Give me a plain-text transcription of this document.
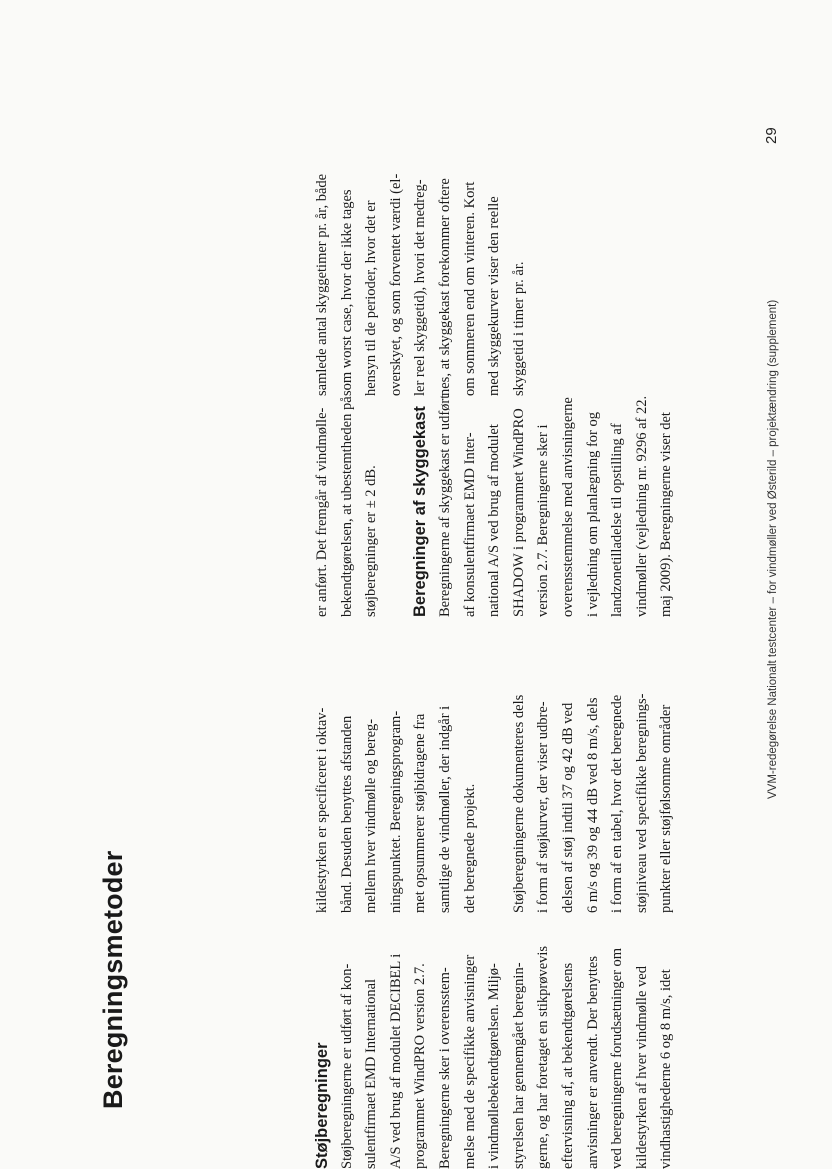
Beregningsmetoder	Støjberegninger Støjberegningerne er udført af kon- sulentfirmaet EMD International A/S ved brug af modulet DECIBEL i programmet WindPRO version 2.7. Beregningerne sker i overensstem- melse med de specifikke anvisninger i vindmøllebekendtgørelsen. Miljø- styrelsen har gennemgået beregnin- gerne, og har foretaget en stikprøvevis eftervisning af, at bekendtgørelsens anvisninger er anvendt. Der benyttes ved beregningerne forudsætninger om kildestyrken af hver vindmølle ved vindhastighederne 6 og 8 m/s, idet
kildestyrken er specificeret i oktav- bånd. Desuden benyttes afstanden mellem hver vindmølle og bereg- ningspunktet. Beregningsprogram- met opsummerer støjbidragene fra samtlige de vindmøller, der indgår i det beregnede projekt.	Støjberegningerne dokumenteres dels i form af støjkurver, der viser udbre- delsen af støj indtil 37 og 42 dB ved 6 m/s og 39 og 44 dB ved 8 m/s, dels i form af en tabel, hvor det beregnede støjniveau ved specifikke beregnings- punkter eller støjfølsomme områder
er anført. Det fremgår af vindmølle- bekendtgørelsen, at ubestemtheden på støjberegninger er ± 2 dB. Beregninger af skyggekast Beregningerne af skyggekast er udført af konsulentfirmaet EMD Inter- national A/S ved brug af modulet SHADOW i programmet WindPRO version 2.7. Beregningerne sker i overensstemmelse med anvisningerne i vejledning om planlægning for og landzonetilladelse til opstilling af vindmøller (vejledning nr. 9296 af 22. maj 2009). Beregningerne viser det
samlede antal skyggetimer pr. år, både som worst case, hvor der ikke tages hensyn til de perioder, hvor det er overskyet, og som forventet værdi (el- ler reel skyggetid), hvori det medreg- nes, at skyggekast forekommer oftere om sommeren end om vinteren. Kort med skyggekurver viser den reelle skyggetid i timer pr. år.	VVM-redegørelse Nationalt testcenter – for vindmøller ved Østerild – projektændring (supplement)
29
